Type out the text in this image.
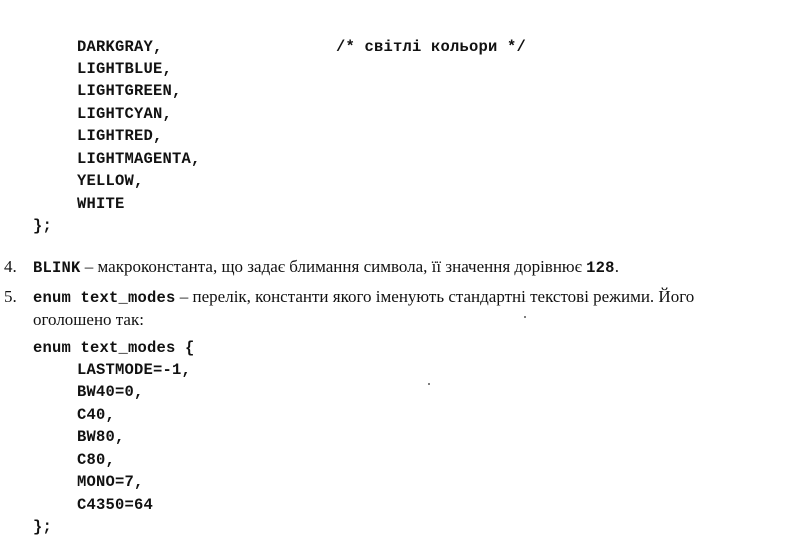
DARKGRAY,	/* світлі кольори */
LIGHTBLUE,
LIGHTGREEN,
LIGHTCYAN,
LIGHTRED,
LIGHTMAGENTA,
YELLOW,
WHITE
};
4. BLINK – макроконстанта, що задає блимання символа, її значення дорівнює 128.
5. enum text_modes – перелік, константи якого іменують стандартні текстові режими. Його
оголошено так:
enum text_modes {
LASTMODE=-1,
BW40=0,
C40,
BW80,
C80,
MONO=7,
C4350=64
};
